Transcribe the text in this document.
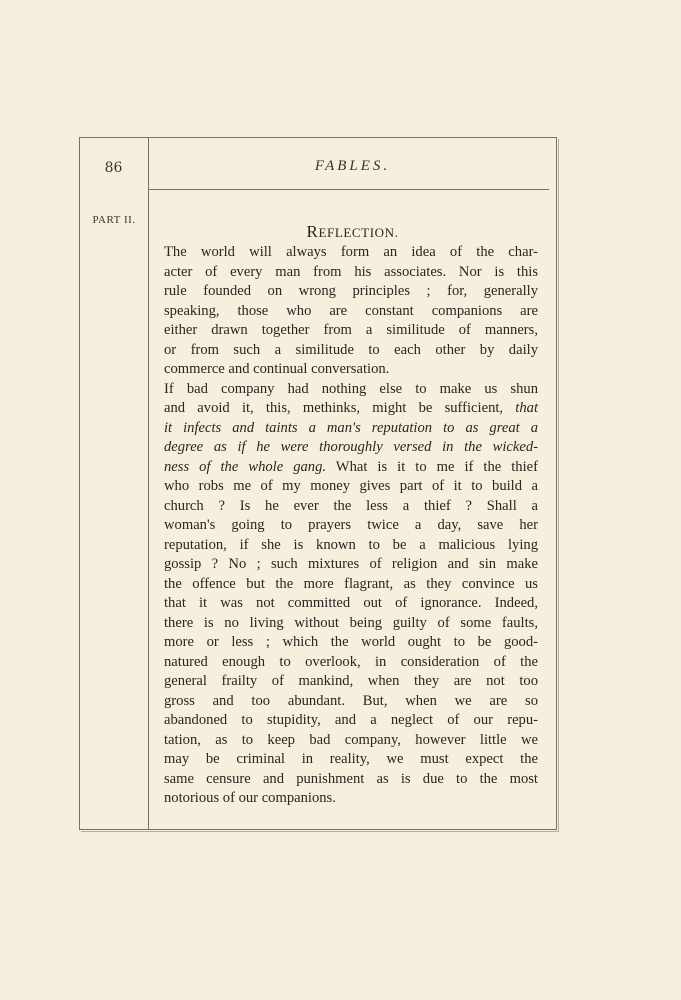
86	FABLES.
PART II.
REFLECTION.
The world will always form an idea of the char-
acter of every man from his associates. Nor is this
rule founded on wrong principles ; for, generally
speaking, those who are constant companions are
either drawn together from a similitude of manners,
or from such a similitude to each other by daily
commerce and continual conversation.
If bad company had nothing else to make us shun
and avoid it, this, methinks, might be sufficient, that
it infects and taints a man's reputation to as great a
degree as if he were thoroughly versed in the wicked-
ness of the whole gang. What is it to me if the thief
who robs me of my money gives part of it to build a
church ? Is he ever the less a thief ? Shall a
woman's going to prayers twice a day, save her
reputation, if she is known to be a malicious lying
gossip ? No ; such mixtures of religion and sin make
the offence but the more flagrant, as they convince us
that it was not committed out of ignorance. Indeed,
there is no living without being guilty of some faults,
more or less ; which the world ought to be good-
natured enough to overlook, in consideration of the
general frailty of mankind, when they are not too
gross and too abundant. But, when we are so
abandoned to stupidity, and a neglect of our repu-
tation, as to keep bad company, however little we
may be criminal in reality, we must expect the
same censure and punishment as is due to the most
notorious of our companions.
